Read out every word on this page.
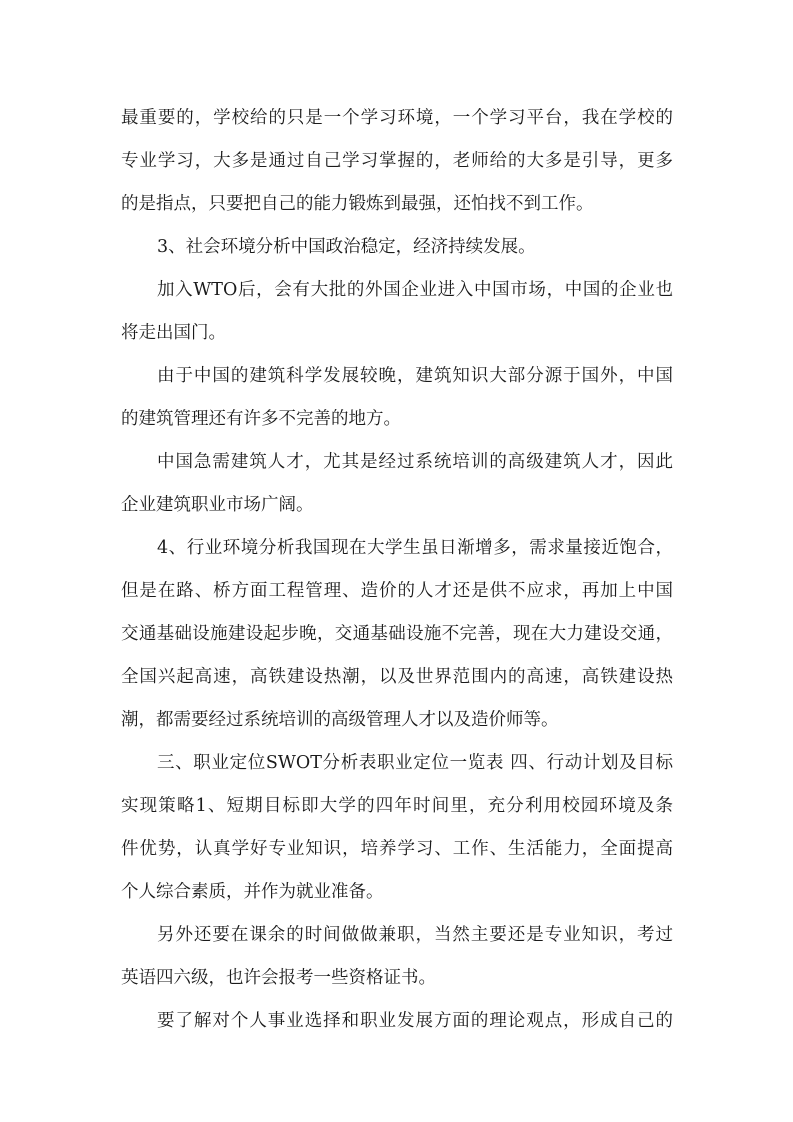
最重要的，学校给的只是一个学习环境，一个学习平台，我在学校的
专业学习，大多是通过自己学习掌握的，老师给的大多是引导，更多
的是指点，只要把自己的能力锻炼到最强，还怕找不到工作。
3、社会环境分析中国政治稳定，经济持续发展。
加入WTO后，会有大批的外国企业进入中国市场，中国的企业也
将走出国门。
由于中国的建筑科学发展较晚，建筑知识大部分源于国外，中国
的建筑管理还有许多不完善的地方。
中国急需建筑人才，尤其是经过系统培训的高级建筑人才，因此
企业建筑职业市场广阔。
4、行业环境分析我国现在大学生虽日渐增多，需求量接近饱合，
但是在路、桥方面工程管理、造价的人才还是供不应求，再加上中国
交通基础设施建设起步晚，交通基础设施不完善，现在大力建设交通，
全国兴起高速，高铁建设热潮，以及世界范围内的高速，高铁建设热
潮，都需要经过系统培训的高级管理人才以及造价师等。
三、职业定位SWOT分析表职业定位一览表 四、行动计划及目标
实现策略1、短期目标即大学的四年时间里，充分利用校园环境及条
件优势，认真学好专业知识，培养学习、工作、生活能力，全面提高
个人综合素质，并作为就业准备。
另外还要在课余的时间做做兼职，当然主要还是专业知识，考过
英语四六级，也许会报考一些资格证书。
要了解对个人事业选择和职业发展方面的理论观点，形成自己的
